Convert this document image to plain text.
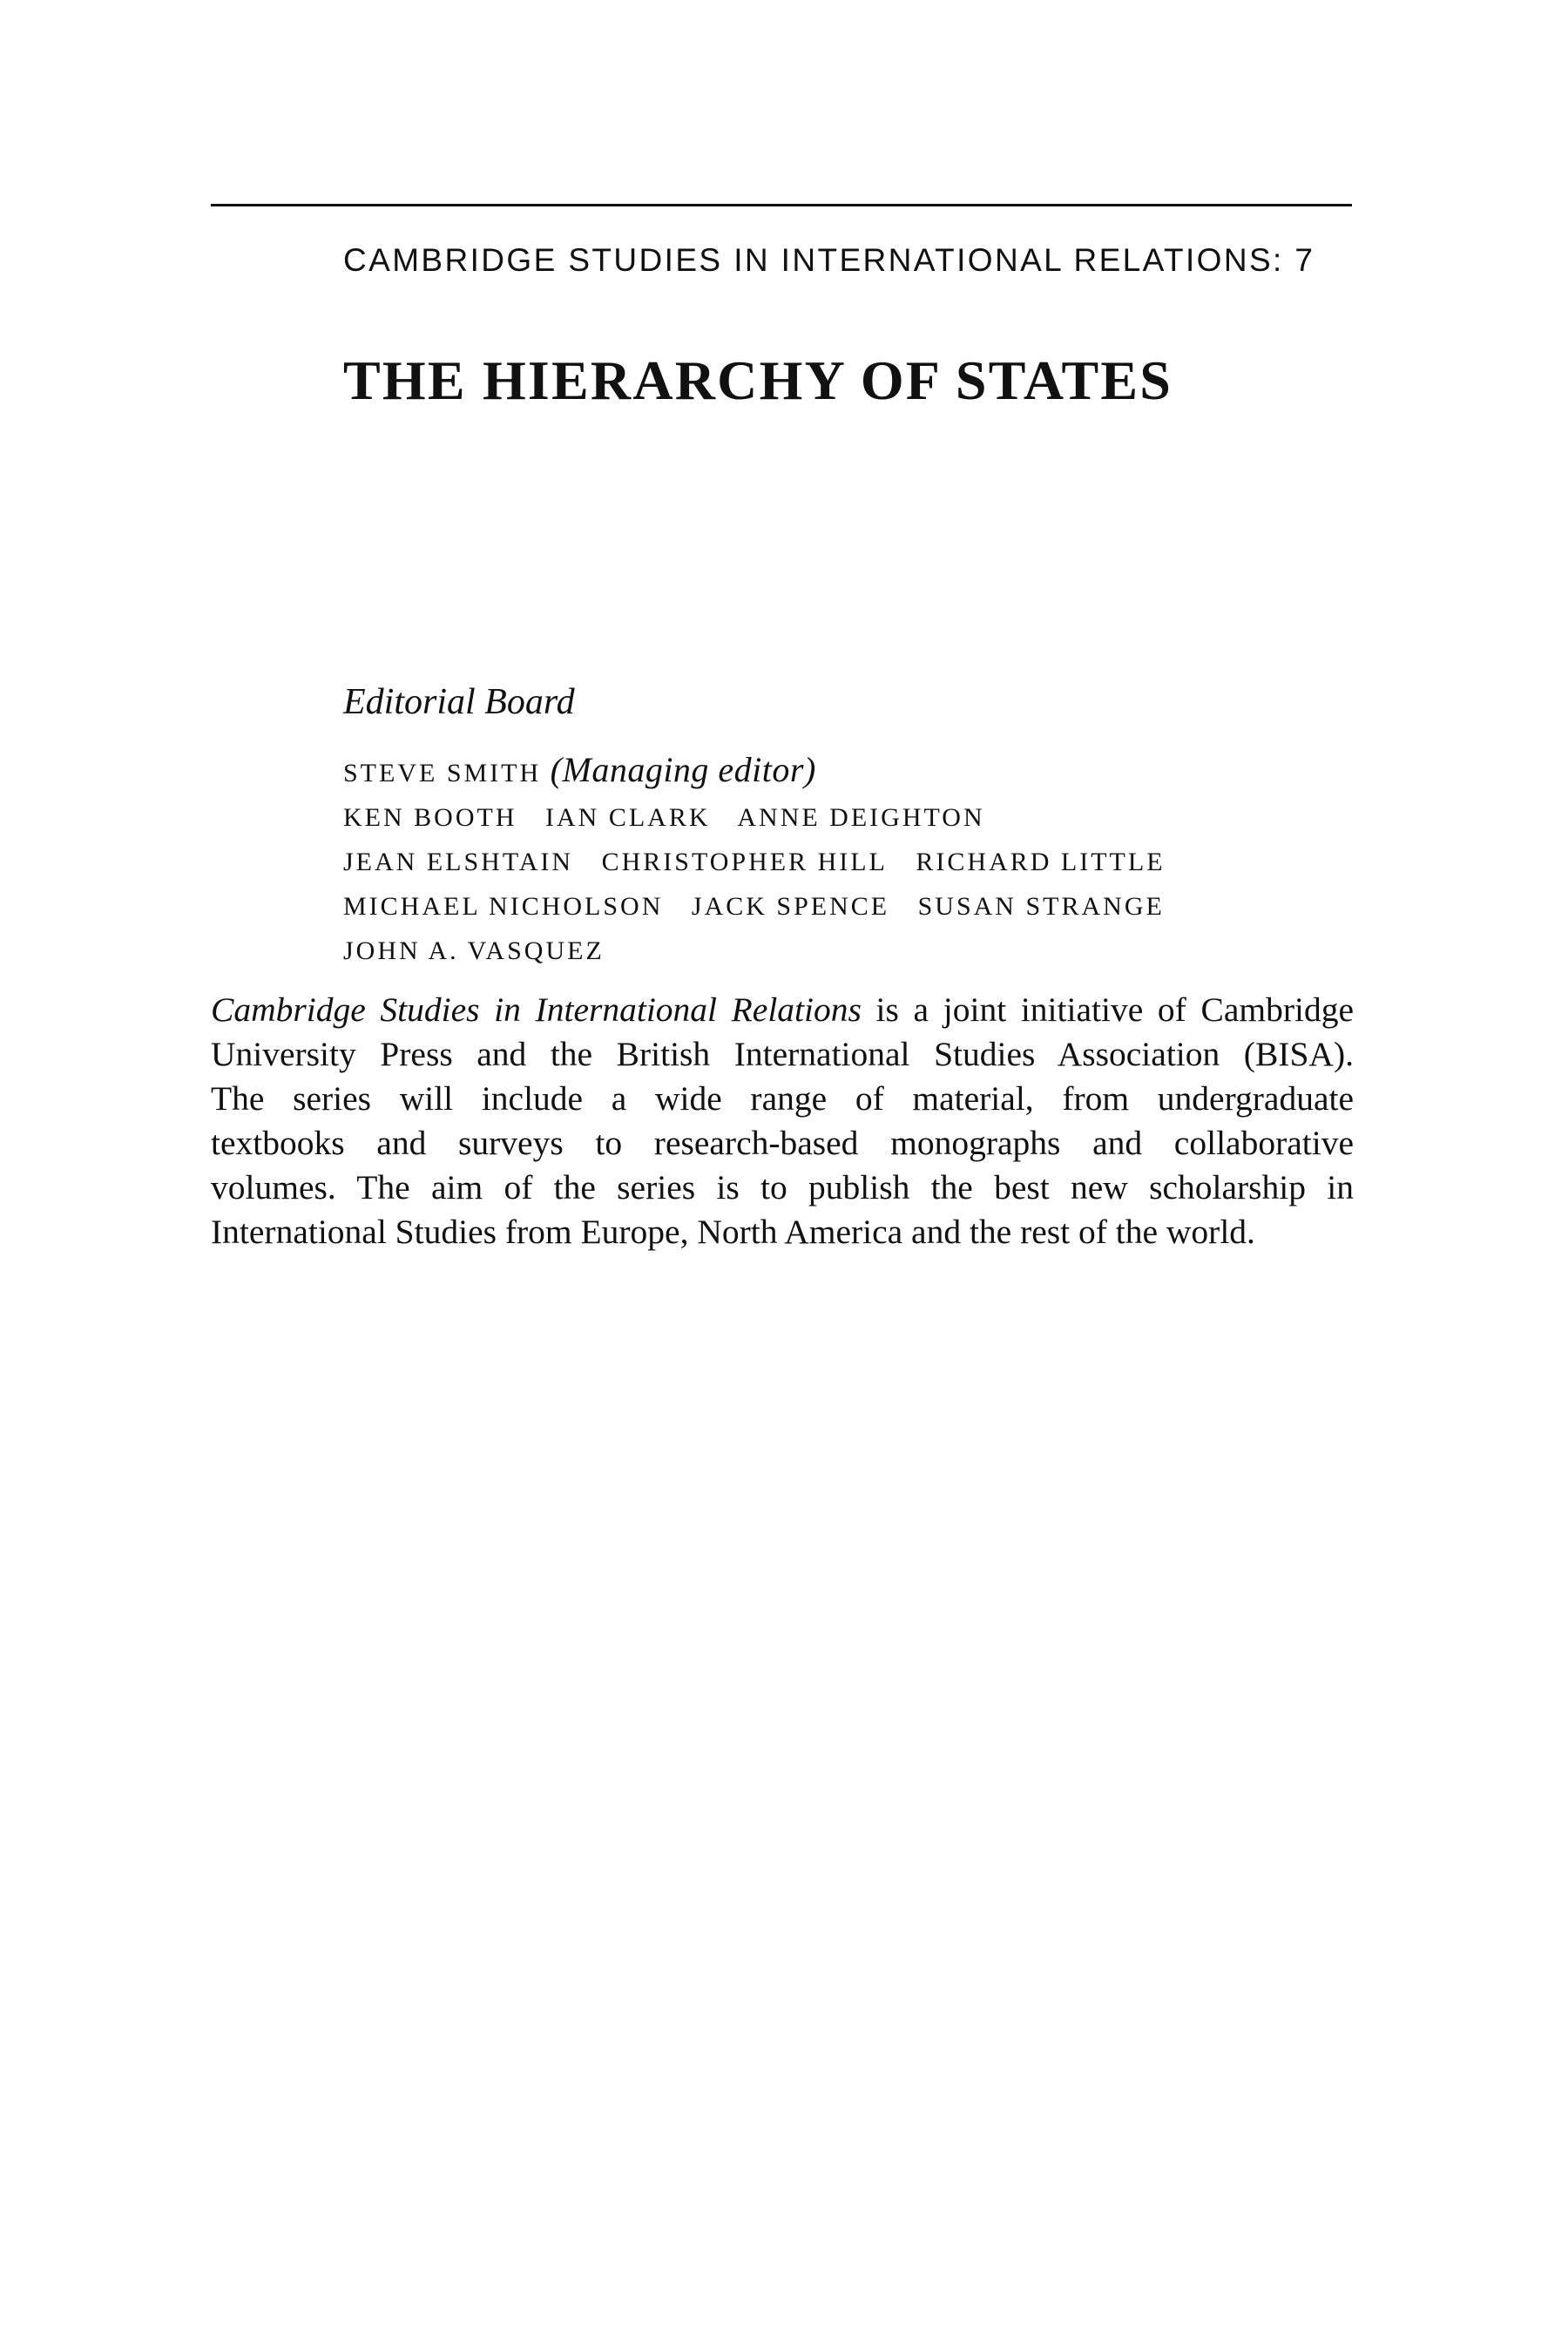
CAMBRIDGE STUDIES IN INTERNATIONAL RELATIONS: 7

THE HIERARCHY OF STATES

Editorial Board

STEVE SMITH (Managing editor)

KEN BOOTH IAN CLARK ANNE DEIGHTON

JEAN ELSHTAIN CHRISTOPHER HILL RICHARD LITTLE

MICHAEL NICHOLSON JACK SPENCE SUSAN STRANGE

JOHN A. VASQUEZ

Cambridge Studies in International Relations is a joint initiative of Cambridge
University Press and the British International Studies Association (BISA).
The series will include a wide range of material, from undergraduate
textbooks and surveys to research-based monographs and collaborative
volumes. The aim of the series is to publish the best new scholarship in
International Studies from Europe, North America and the rest of the world.
